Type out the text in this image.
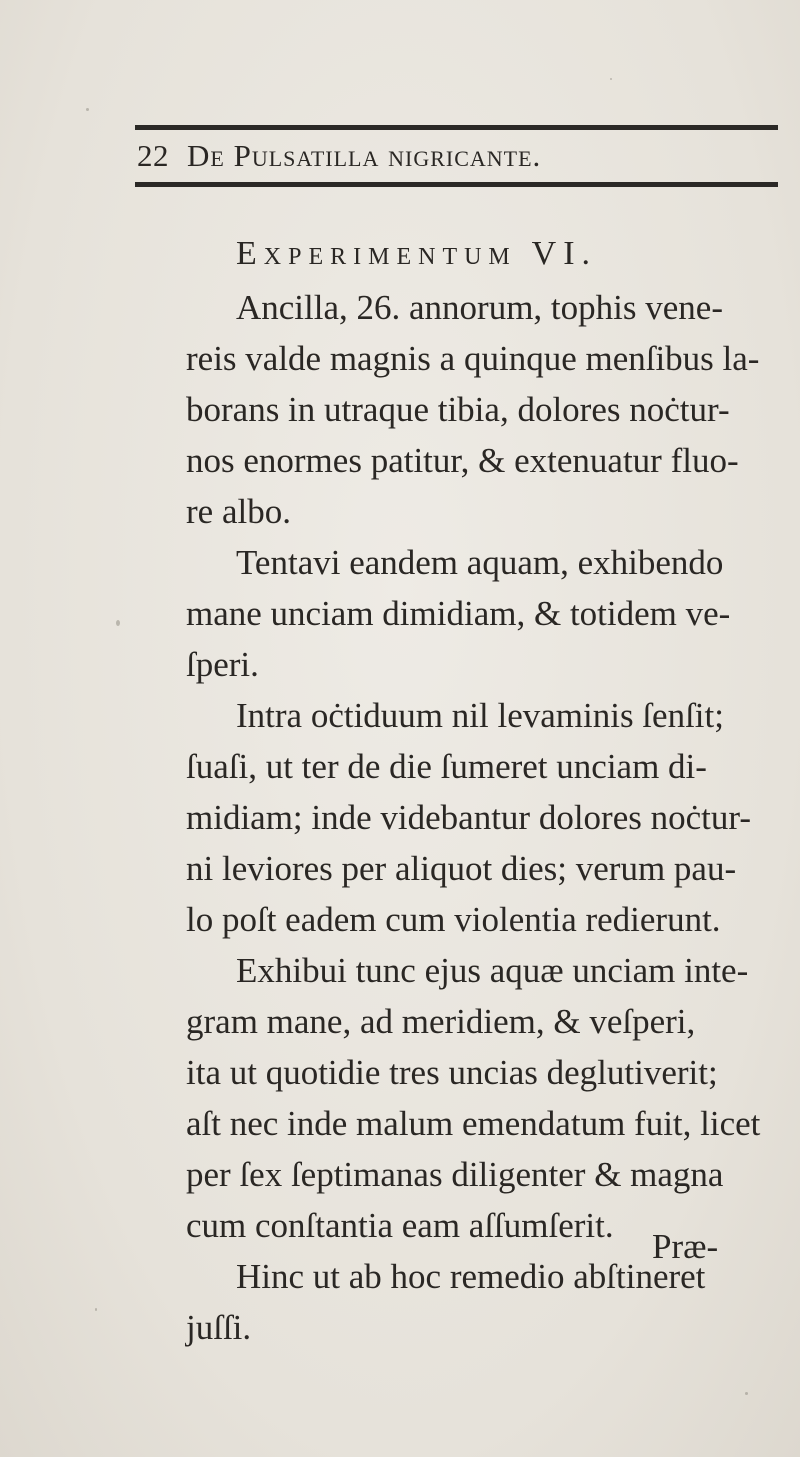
22 De Pulsatilla nigricante.
Experimentum VI.
Ancilla, 26. annorum, tophis vene-
reis valde magnis a quinque menſibus la-
borans in utraque tibia, dolores noċtur-
nos enormes patitur, & extenuatur fluo-
re albo.
Tentavi eandem aquam, exhibendo
mane unciam dimidiam, & totidem ve-
ſperi.
Intra oċtiduum nil levaminis ſenſit;
ſuaſi, ut ter de die ſumeret unciam di-
midiam; inde videbantur dolores noċtur-
ni leviores per aliquot dies; verum pau-
lo poſt eadem cum violentia redierunt.
Exhibui tunc ejus aquæ unciam inte-
gram mane, ad meridiem, & veſperi,
ita ut quotidie tres uncias deglutiverit;
aſt nec inde malum emendatum fuit, licet
per ſex ſeptimanas diligenter & magna
cum conſtantia eam aſſumſerit.
Hinc ut ab hoc remedio abſtineret
juſſi.
Præ-
